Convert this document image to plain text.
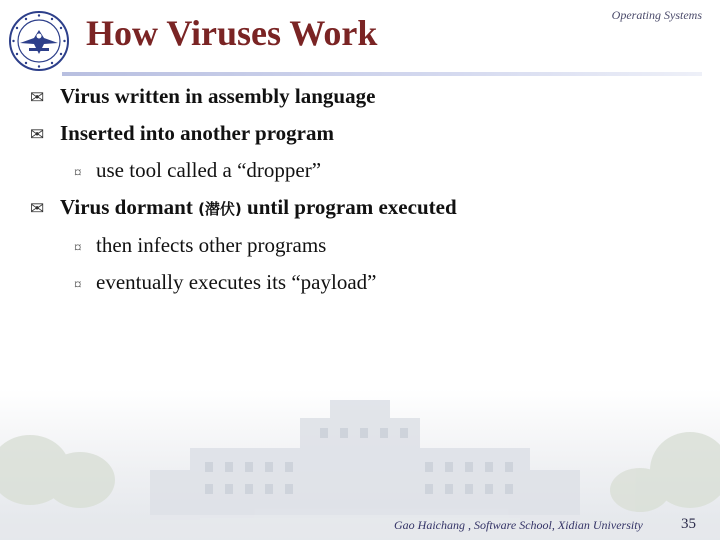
How Viruses Work	Operating Systems
✉ Virus written in assembly language
✉ Inserted into another program
¤ use tool called a “dropper”
✉ Virus dormant (潜伏) until program executed
¤ then infects other programs
¤ eventually executes its “payload”
Gao Haichang , Software School, Xidian University	35
